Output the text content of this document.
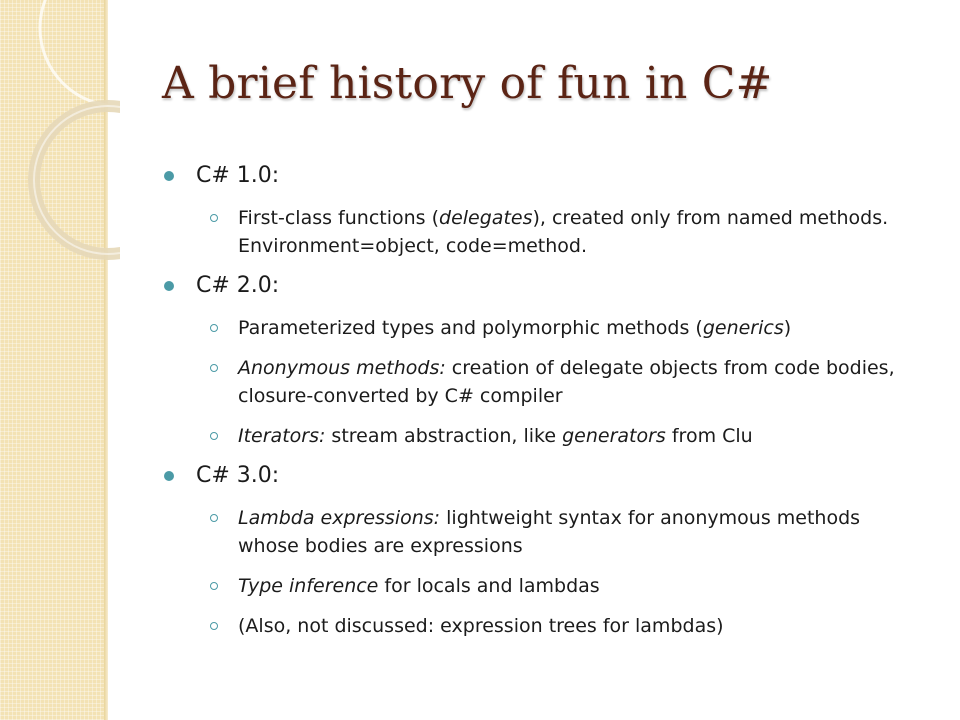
A brief history of fun in C#
C# 1.0:
First-class functions (delegates), created only from named methods. Environment=object, code=method.
C# 2.0:
Parameterized types and polymorphic methods (generics)
Anonymous methods: creation of delegate objects from code bodies, closure-converted by C# compiler
Iterators: stream abstraction, like generators from Clu
C# 3.0:
Lambda expressions: lightweight syntax for anonymous methods whose bodies are expressions
Type inference for locals and lambdas
(Also, not discussed: expression trees for lambdas)
